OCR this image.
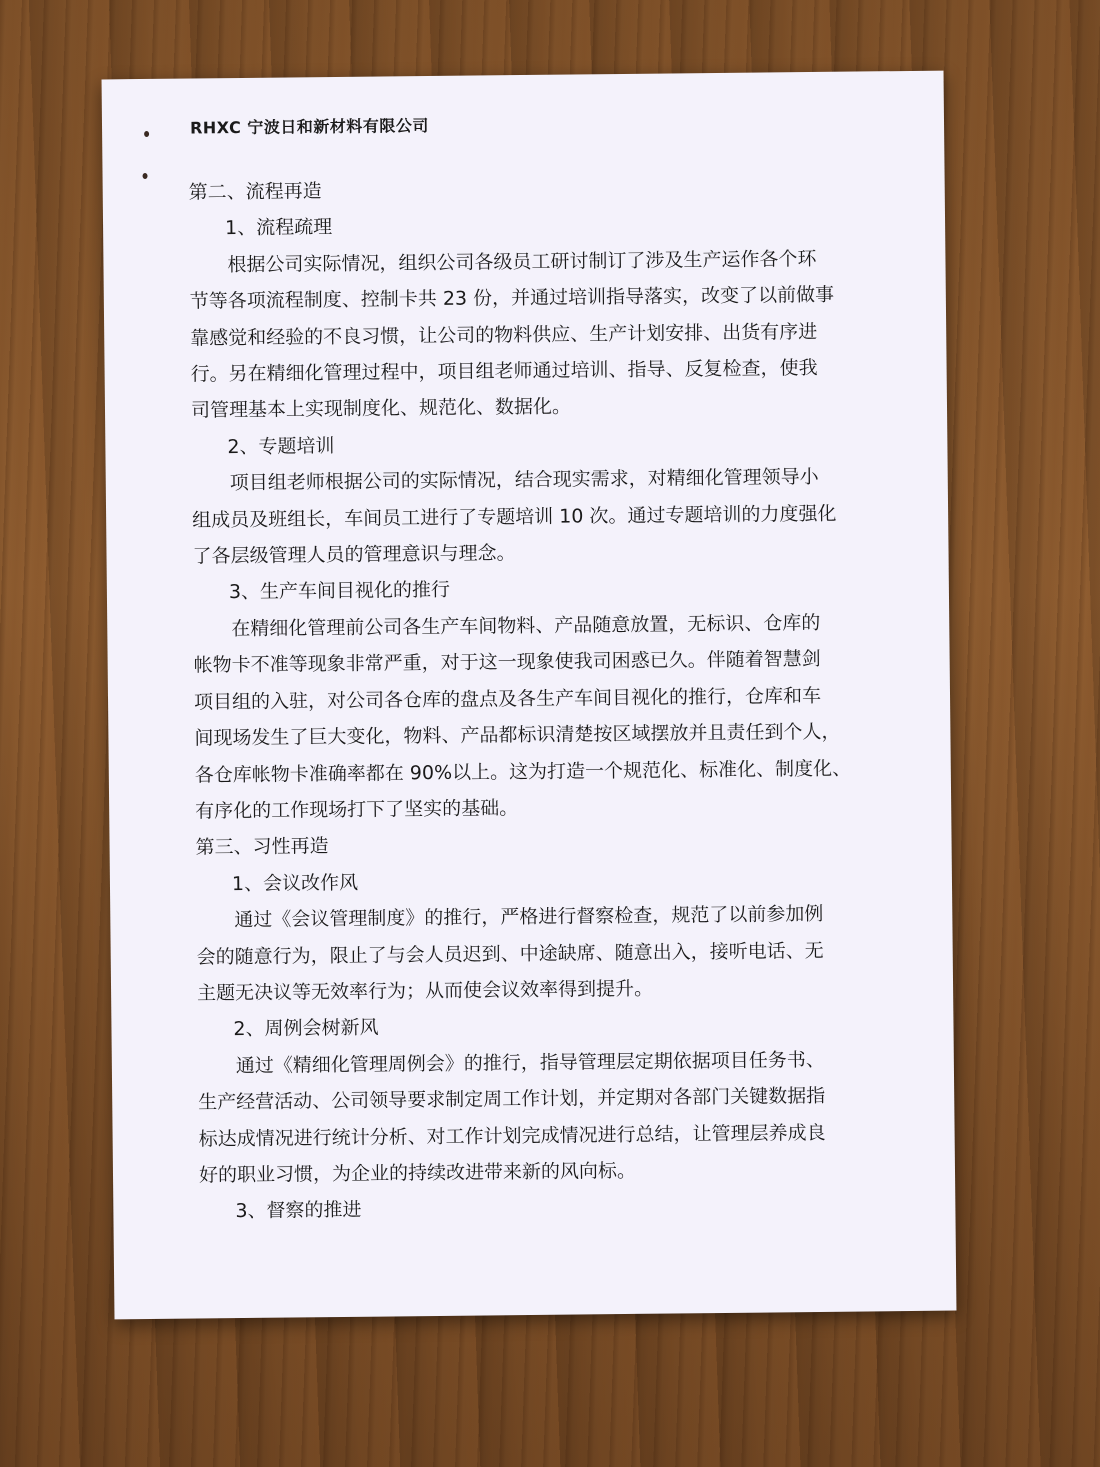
RHXC 宁波日和新材料有限公司
第二、流程再造
1、流程疏理
根据公司实际情况，组织公司各级员工研讨制订了涉及生产运作各个环
节等各项流程制度、控制卡共 23 份，并通过培训指导落实，改变了以前做事
靠感觉和经验的不良习惯，让公司的物料供应、生产计划安排、出货有序进
行。另在精细化管理过程中，项目组老师通过培训、指导、反复检查，使我
司管理基本上实现制度化、规范化、数据化。
2、专题培训
项目组老师根据公司的实际情况，结合现实需求，对精细化管理领导小
组成员及班组长，车间员工进行了专题培训 10 次。通过专题培训的力度强化
了各层级管理人员的管理意识与理念。
3、生产车间目视化的推行
在精细化管理前公司各生产车间物料、产品随意放置，无标识、仓库的
帐物卡不准等现象非常严重，对于这一现象使我司困惑已久。伴随着智慧剑
项目组的入驻，对公司各仓库的盘点及各生产车间目视化的推行，仓库和车
间现场发生了巨大变化，物料、产品都标识清楚按区域摆放并且责任到个人，
各仓库帐物卡准确率都在 90%以上。这为打造一个规范化、标准化、制度化、
有序化的工作现场打下了坚实的基础。
第三、习性再造
1、会议改作风
通过《会议管理制度》的推行，严格进行督察检查，规范了以前参加例
会的随意行为，限止了与会人员迟到、中途缺席、随意出入，接听电话、无
主题无决议等无效率行为；从而使会议效率得到提升。
2、周例会树新风
通过《精细化管理周例会》的推行，指导管理层定期依据项目任务书、
生产经营活动、公司领导要求制定周工作计划，并定期对各部门关键数据指
标达成情况进行统计分析、对工作计划完成情况进行总结，让管理层养成良
好的职业习惯，为企业的持续改进带来新的风向标。
3、督察的推进
